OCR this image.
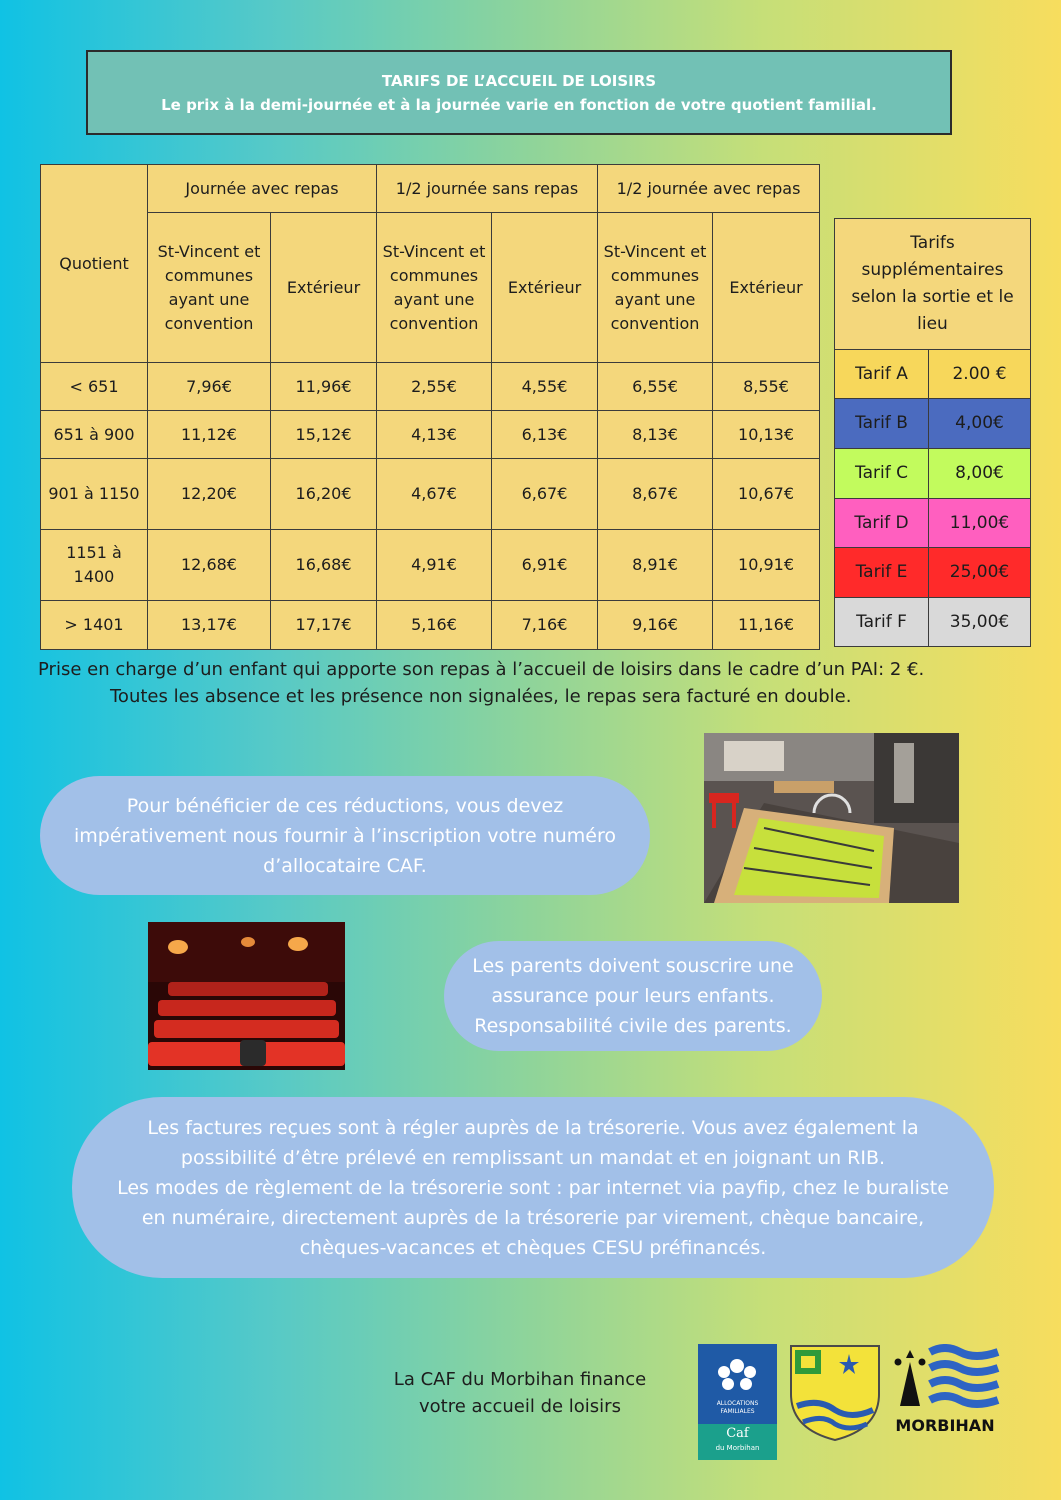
TARIFS DE L’ACCUEIL DE LOISIRS
Le prix à la demi-journée et à la journée varie en fonction de votre quotient familial.
Quotient	Journée avec repas		1/2 journée sans repas		1/2 journée avec repas	
	St-Vincent et communes ayant une convention	Extérieur	St-Vincent et communes ayant une convention	Extérieur	St-Vincent et communes ayant une convention	Extérieur
< 651	7,96€	11,96€	2,55€	4,55€	6,55€	8,55€
651 à 900	11,12€	15,12€	4,13€	6,13€	8,13€	10,13€
901 à 1150	12,20€	16,20€	4,67€	6,67€	8,67€	10,67€
1151 à 1400	12,68€	16,68€	4,91€	6,91€	8,91€	10,91€
> 1401	13,17€	17,17€	5,16€	7,16€	9,16€	11,16€
Tarifs supplémentaires selon la sortie et le lieu	
Tarif A	2.00 €
Tarif B	4,00€
Tarif C	8,00€
Tarif D	11,00€
Tarif E	25,00€
Tarif F	35,00€
Prise en charge d’un enfant qui apporte son repas à l’accueil de loisirs dans le cadre d’un PAI: 2 €.
Toutes les absence et les présence non signalées, le repas sera facturé en double.
Pour bénéficier de ces réductions, vous devez
impérativement nous fournir à l’inscription votre numéro
d’allocataire CAF.
Les parents doivent souscrire une
assurance pour leurs enfants.
Responsabilité civile des parents.
Les factures reçues sont à régler auprès de la trésorerie. Vous avez également la
possibilité d’être prélevé en remplissant un mandat et en joignant un RIB.
Les modes de règlement de la trésorerie sont : par internet via payfip, chez le buraliste
en numéraire, directement auprès de la trésorerie par virement, chèque bancaire,
chèques-vacances et chèques CESU préfinancés.
La CAF du Morbihan finance votre accueil de loisirs	ALLOCATIONS
FAMILIALES
Caf
du Morbihan
MORBIHAN
